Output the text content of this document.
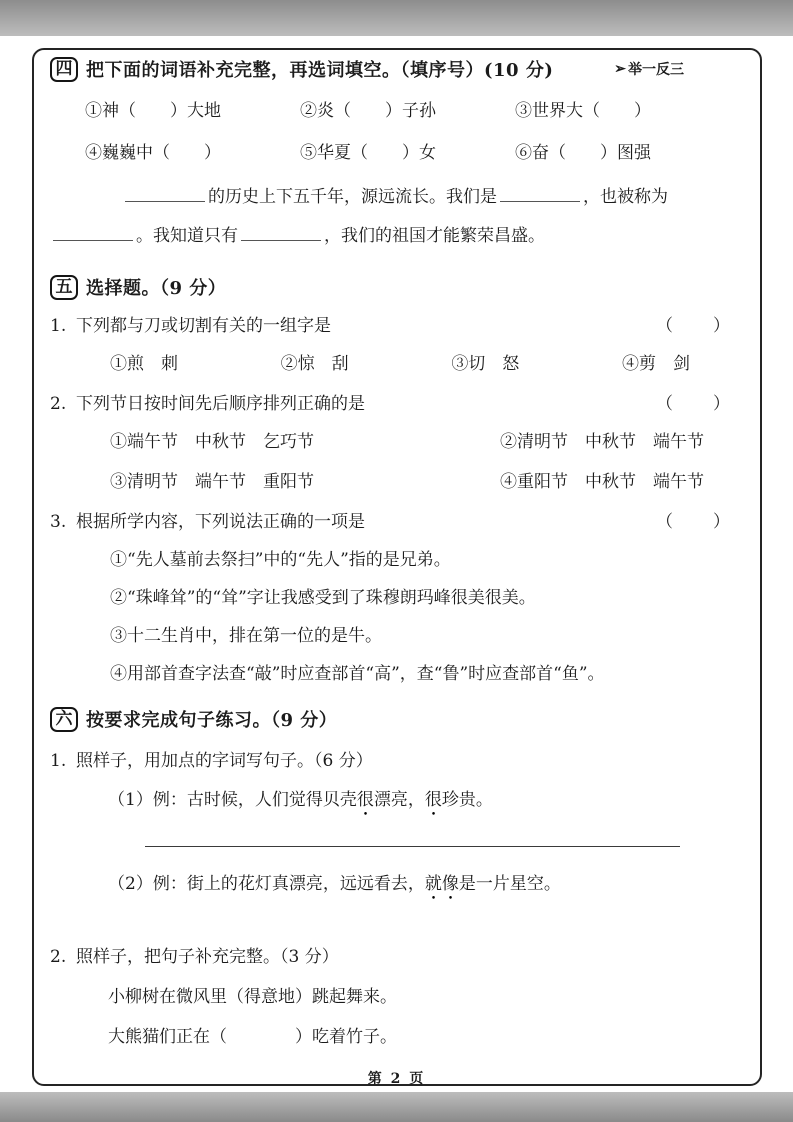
四 把下面的词语补充完整，再选词填空。（填序号）(10 分)	➢ 举一反三
①神（　　）大地	②炎（　　）子孙	③世界大（　　）
④巍巍中（　　）	⑤华夏（　　）女	⑥奋（　　）图强
的历史上下五千年，源远流长。我们是	，也被称为。我知道只有	，我们的祖国才能繁荣昌盛。
五 选择题。（9 分）
1. 下列都与刀或切割有关的一组字是	（　　）
①煎　刺	②惊　刮	③切　怒	④剪　剑
2. 下列节日按时间先后顺序排列正确的是	（　　）
①端午节　中秋节　乞巧节	②清明节　中秋节　端午节
③清明节　端午节　重阳节	④重阳节　中秋节　端午节
3. 根据所学内容，下列说法正确的一项是	（　　）
①“先人墓前去祭扫”中的“先人”指的是兄弟。
②“珠峰耸”的“耸”字让我感受到了珠穆朗玛峰很美很美。
③十二生肖中，排在第一位的是牛。
④用部首查字法查“敲”时应查部首“高”，查“鲁”时应查部首“鱼”。
六 按要求完成句子练习。（9 分）
1. 照样子，用加点的字词写句子。（6 分）
（1）例：古时候，人们觉得贝壳很漂亮，很珍贵。
（2）例：街上的花灯真漂亮，远远看去，就像是一片星空。
2. 照样子，把句子补充完整。（3 分）
小柳树在微风里（得意地）跳起舞来。
大熊猫们正在（　　　　）吃着竹子。
第 2 页
